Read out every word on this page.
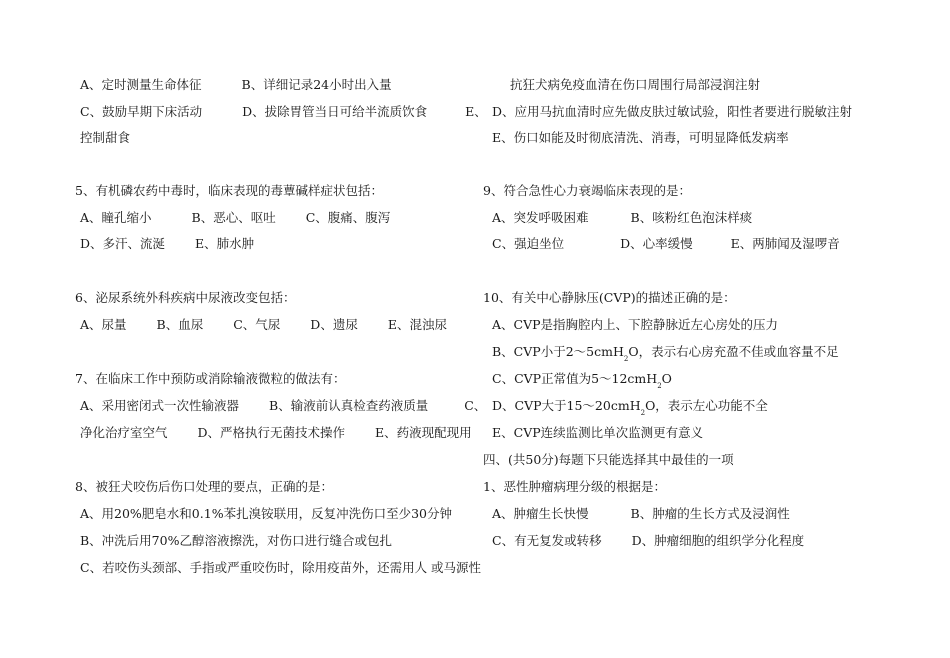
A、定时测量生命体征	B、详细记录24小时出入量
C、鼓励早期下床活动	D、拔除胃管当日可给半流质饮食	E、
控制甜食
5、有机磷农药中毒时，临床表现的毒蕈碱样症状包括：
A、瞳孔缩小	B、恶心、呕吐 C、腹痛、腹泻
D、多汗、流涎 E、肺水肿
6、泌尿系统外科疾病中尿液改变包括：
A、尿量 B、血尿 C、气尿 D、遗尿 E、混浊尿
7、在临床工作中预防或消除输液微粒的做法有：
A、采用密闭式一次性输液器 B、输液前认真检查药液质量	C、
净化治疗室空气 D、严格执行无菌技术操作 E、药液现配现用
8、被狂犬咬伤后伤口处理的要点，正确的是：
A、用20%肥皂水和0.1%苯扎溴铵联用，反复冲洗伤口至少30分钟
B、冲洗后用70%乙醇溶液擦洗，对伤口进行缝合或包扎
C、若咬伤头颈部、手指或严重咬伤时，除用疫苗外，还需用人 或马源性
抗狂犬病免疫血清在伤口周围行局部浸润注射
D、应用马抗血清时应先做皮肤过敏试验，阳性者要进行脱敏注射
E、伤口如能及时彻底清洗、消毒，可明显降低发病率
9、符合急性心力衰竭临床表现的是：
A、突发呼吸困难	B、咳粉红色泡沫样痰
C、强迫坐位	D、心率缓慢	E、两肺闻及湿啰音
10、有关中心静脉压(CVP)的描述正确的是：
A、CVP是指胸腔内上、下腔静脉近左心房处的压力
B、CVP小于2～5cmH$_2$O，表示右心房充盈不佳或血容量不足
C、CVP正常值为5～12cmH$_2$O
D、CVP大于15～20cmH$_2$O，表示左心功能不全
E、CVP连续监测比单次监测更有意义
四、(共50分)每题下只能选择其中最佳的一项
1、恶性肿瘤病理分级的根据是：
A、肿瘤生长快慢	B、肿瘤的生长方式及浸润性
C、有无复发或转移 D、肿瘤细胞的组织学分化程度
